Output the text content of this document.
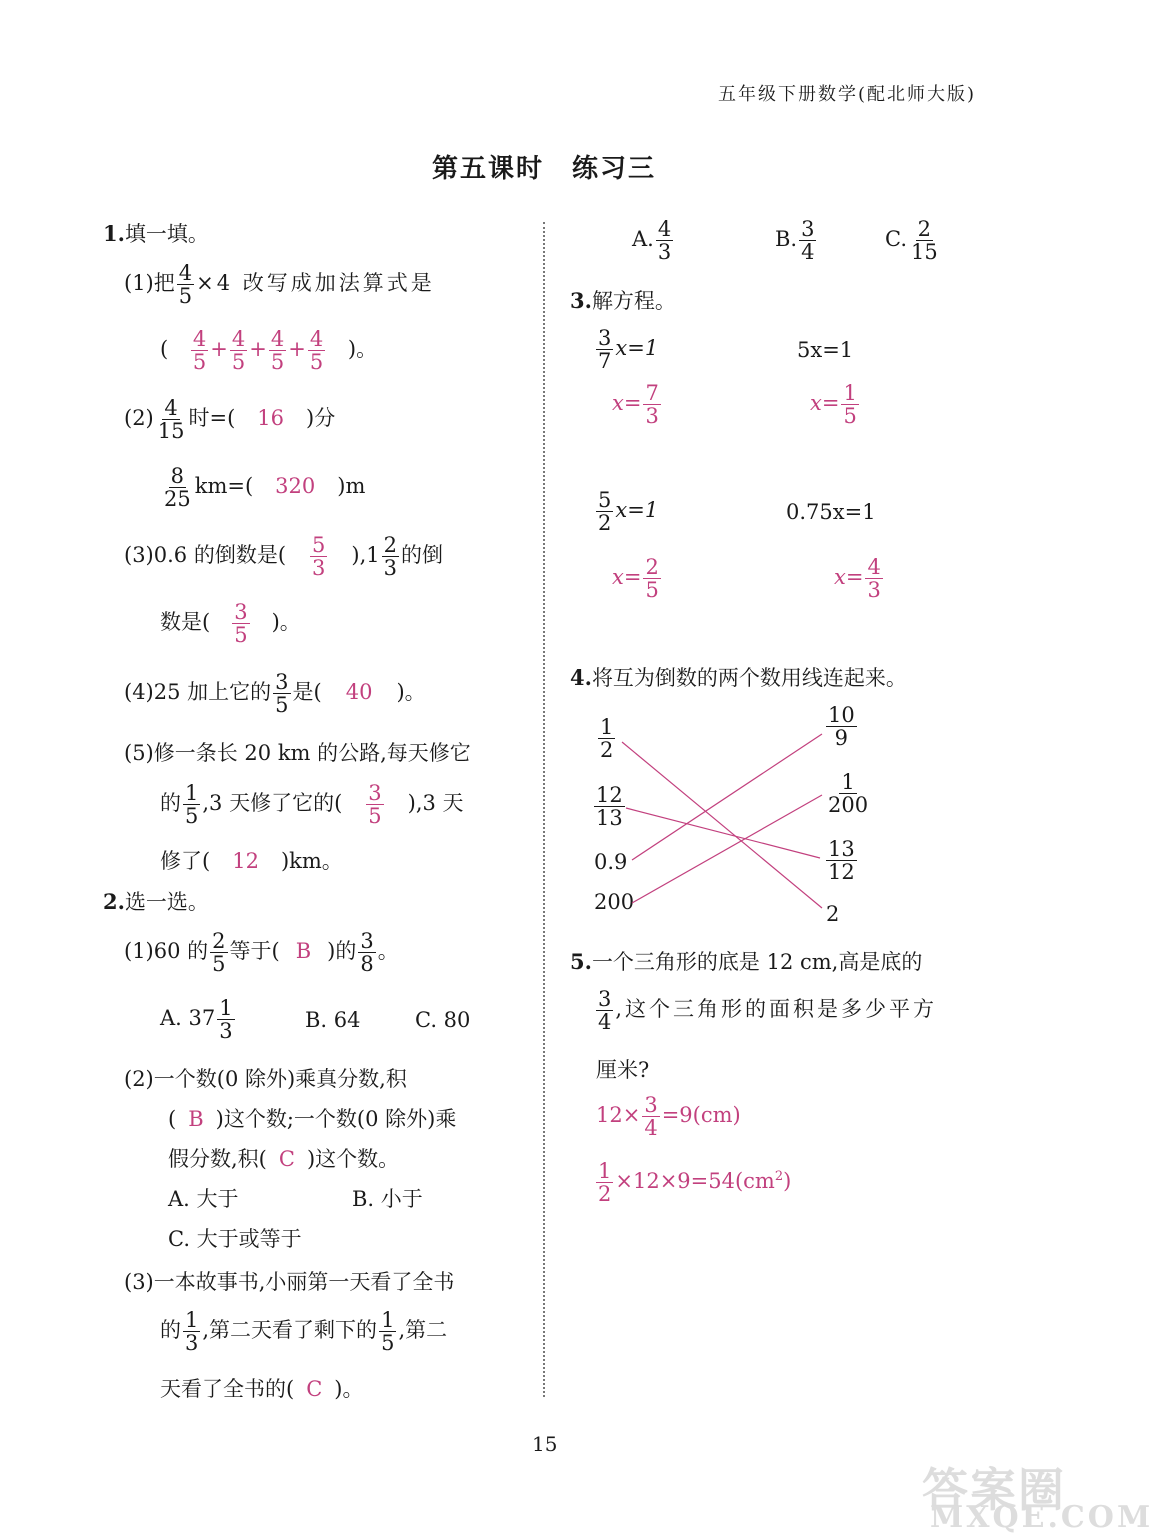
五年级下册数学(配北师大版)
第五课时　练习三
1.填一填。
(1)把 $\frac{4}{5} \times 4$ 改写成加法算式是
( $\frac{4}{5} + \frac{4}{5} + \frac{4}{5} + \frac{4}{5}$ )。
$(2) \frac{4}{15}$ 时=( 16 )分
$\frac{8}{25} km=$( 320 )m
(3)0.6 的倒数是( $\frac{5}{3} ),1 \frac{2}{3}$ 的倒
数是( $\frac{3}{5}$ )。
(4)25 加上它的 $\frac{3}{5}$ 是( 40 )。
(5)修一条长 20 km 的公路,每天修它
的 $\frac{1}{5} ,3$ 天修了它的( $\frac{3}{5} ),3$ 天
修了( 12 )km。
2.选一选。
(1)60 的 $\frac{2}{5}$ 等于( B )的 $\frac{3}{8}$ 。
A. $37 \frac{1}{3}$	B. 64	C. 80
(2)一个数(0 除外)乘真分数,积
( B )这个数;一个数(0 除外)乘
假分数,积( C )这个数。
A. 大于	B. 小于
C. 大于或等于
(3)一本故事书,小丽第一天看了全书
的 $\frac{1}{3}$ ,第二天看了剩下的 $\frac{1}{5}$ ,第二
天看了全书的( C )。
A. $\frac{4}{3}$	B. $\frac{3}{4}$	C. $\frac{2}{15}$
3.解方程。
$\frac{3}{7} x=1$
$x= \frac{7}{3}$
5x=1
$x= \frac{1}{5}$
$\frac{5}{2} x=1$
$x= \frac{2}{5}$
0.75x=1
$x= \frac{4}{3}$
4.将互为倒数的两个数用线连起来。
$\frac{1}{2}$
$\frac{12}{13}$
0.9
200
$\frac{10}{9}$
$\frac{1}{200}$
$\frac{13}{12}$
2
5.一个三角形的底是 12 cm,高是底的
$\frac{3}{4}$ ,这个三角形的面积是多少平方
厘米?
$12\times \frac{3}{4} =9(cm)$
$\frac{1}{2} \times 12\times 9=54(cm^2)$
15
答案圈
MXQE.COM
